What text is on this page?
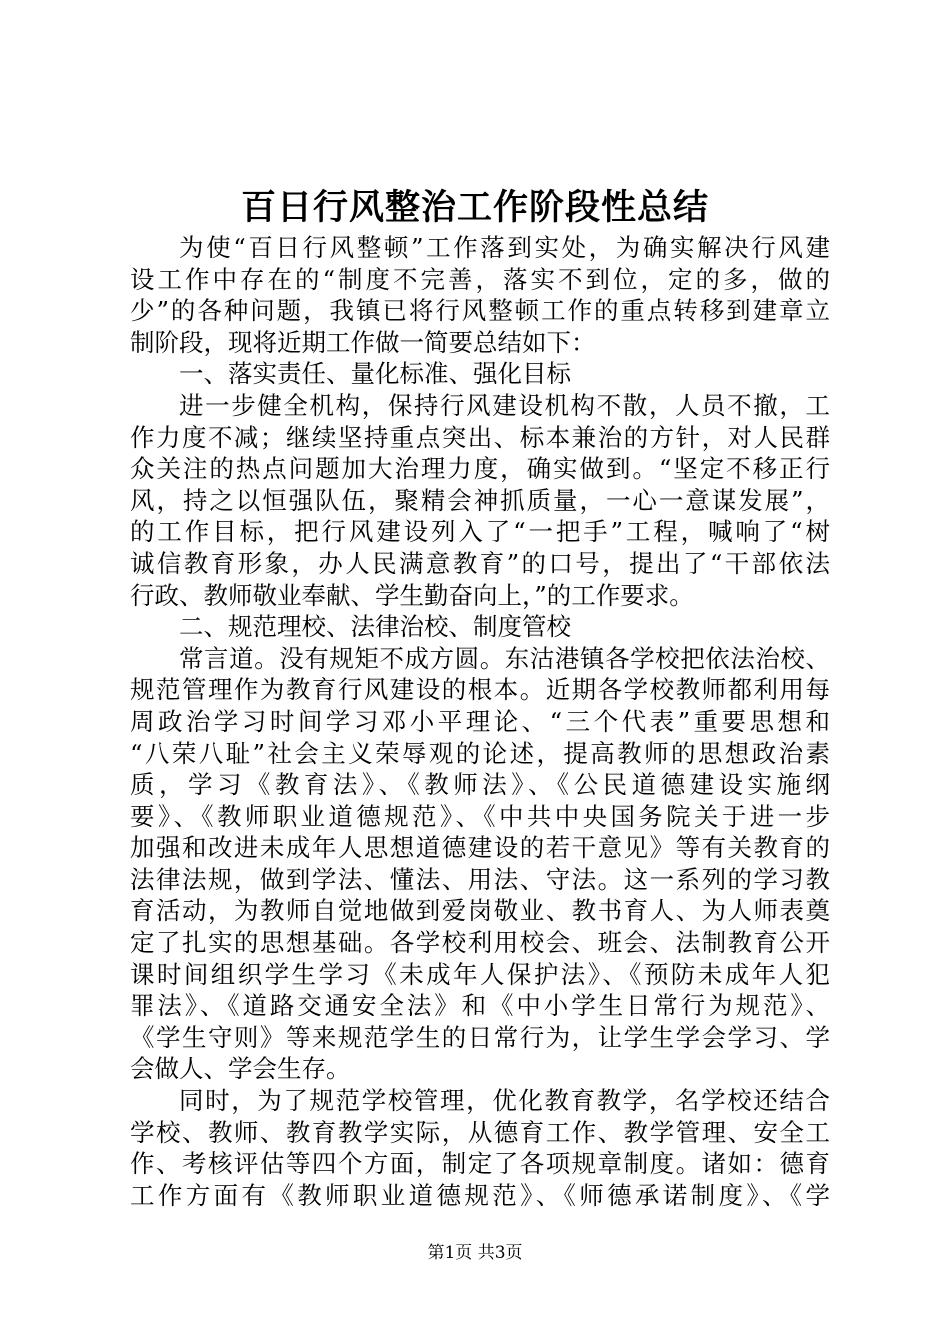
百日行风整治工作阶段性总结
为使“百日行风整顿”工作落到实处，为确实解决行风建
设工作中存在的“制度不完善，落实不到位，定的多，做的
少”的各种问题，我镇已将行风整顿工作的重点转移到建章立
制阶段，现将近期工作做一简要总结如下：
一、落实责任、量化标准、强化目标
进一步健全机构，保持行风建设机构不散，人员不撤，工
作力度不减；继续坚持重点突出、标本兼治的方针，对人民群
众关注的热点问题加大治理力度，确实做到。“坚定不移正行
风，持之以恒强队伍，聚精会神抓质量，一心一意谋发展”，
的工作目标，把行风建设列入了“一把手”工程，喊响了“树
诚信教育形象，办人民满意教育”的口号，提出了“干部依法
行政、教师敬业奉献、学生勤奋向上，”的工作要求。
二、规范理校、法律治校、制度管校
常言道。没有规矩不成方圆。东沽港镇各学校把依法治校、
规范管理作为教育行风建设的根本。近期各学校教师都利用每
周政治学习时间学习邓小平理论、“三个代表”重要思想和
“八荣八耻”社会主义荣辱观的论述，提高教师的思想政治素
质，学习《教育法》、《教师法》、《公民道德建设实施纲
要》、《教师职业道德规范》、《中共中央国务院关于进一步
加强和改进未成年人思想道德建设的若干意见》等有关教育的
法律法规，做到学法、懂法、用法、守法。这一系列的学习教
育活动，为教师自觉地做到爱岗敬业、教书育人、为人师表奠
定了扎实的思想基础。各学校利用校会、班会、法制教育公开
课时间组织学生学习《未成年人保护法》、《预防未成年人犯
罪法》、《道路交通安全法》和《中小学生日常行为规范》、
《学生守则》等来规范学生的日常行为，让学生学会学习、学
会做人、学会生存。
同时，为了规范学校管理，优化教育教学，名学校还结合
学校、教师、教育教学实际，从德育工作、教学管理、安全工
作、考核评估等四个方面，制定了各项规章制度。诸如：德育
工作方面有《教师职业道德规范》、《师德承诺制度》、《学
第1页 共3页
